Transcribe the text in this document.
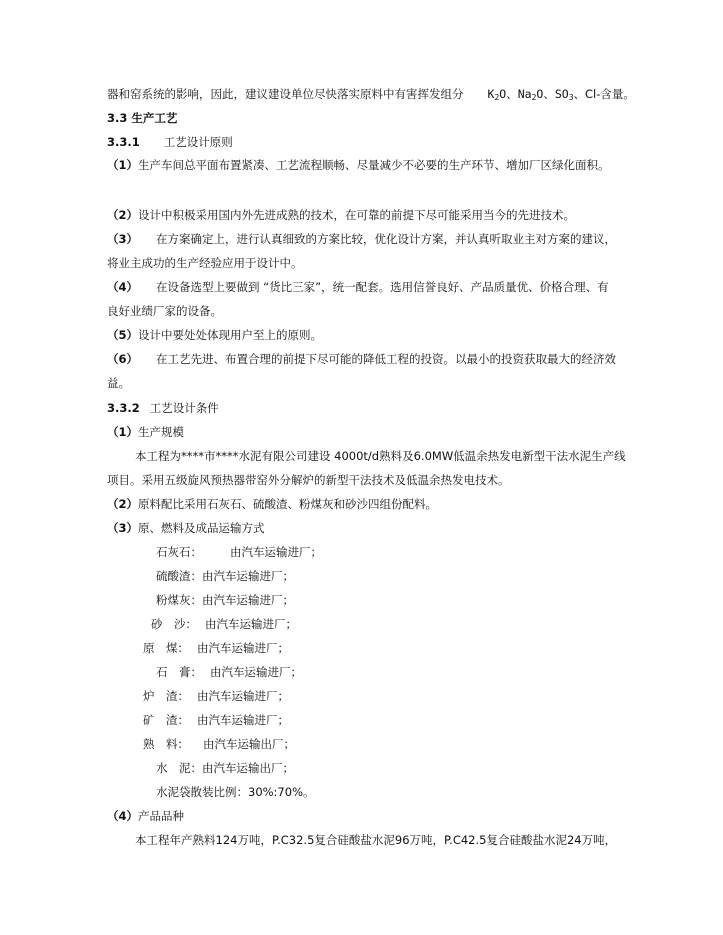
器和窑系统的影响，因此，建议建设单位尽快落实原料中有害挥发组分 $K_2O$、$Na_2O$、$SO_3$、Cl-含量。
3.3 生产工艺
3.3.1 工艺设计原则
（1）生产车间总平面布置紧凑、工艺流程顺畅、尽量减少不必要的生产环节、增加厂区绿化面积。
（2）设计中积极采用国内外先进成熟的技术，在可靠的前提下尽可能采用当今的先进技术。
（3） 在方案确定上，进行认真细致的方案比较，优化设计方案，并认真听取业主对方案的建议，
将业主成功的生产经验应用于设计中。
（4） 在设备选型上要做到 “货比三家”，统一配套。选用信誉良好、产品质量优、价格合理、有
良好业绩厂家的设备。
（5）设计中要处处体现用户至上的原则。
（6） 在工艺先进、布置合理的前提下尽可能的降低工程的投资。以最小的投资获取最大的经济效
益。
3.3.2 工艺设计条件
（1）生产规模
本工程为****市****水泥有限公司建设 4000t/d熟料及6.0MW低温余热发电新型干法水泥生产线
项目。采用五级旋风预热器带窑外分解炉的新型干法技术及低温余热发电技术。
（2）原料配比采用石灰石、硫酸渣、粉煤灰和砂沙四组份配料。
（3）原、燃料及成品运输方式
石灰石： 由汽车运输进厂；
硫酸渣：由汽车运输进厂；
粉煤灰：由汽车运输进厂；
砂　沙： 由汽车运输进厂；
原　煤： 由汽车运输进厂；
石　膏： 由汽车运输进厂；
炉　渣： 由汽车运输进厂；
矿　渣： 由汽车运输进厂；
熟　料： 由汽车运输出厂；
水　泥：由汽车运输出厂；
水泥袋散装比例：30%:70%。
（4）产品品种
本工程年产熟料124万吨，P.C32.5复合硅酸盐水泥96万吨，P.C42.5复合硅酸盐水泥24万吨，
